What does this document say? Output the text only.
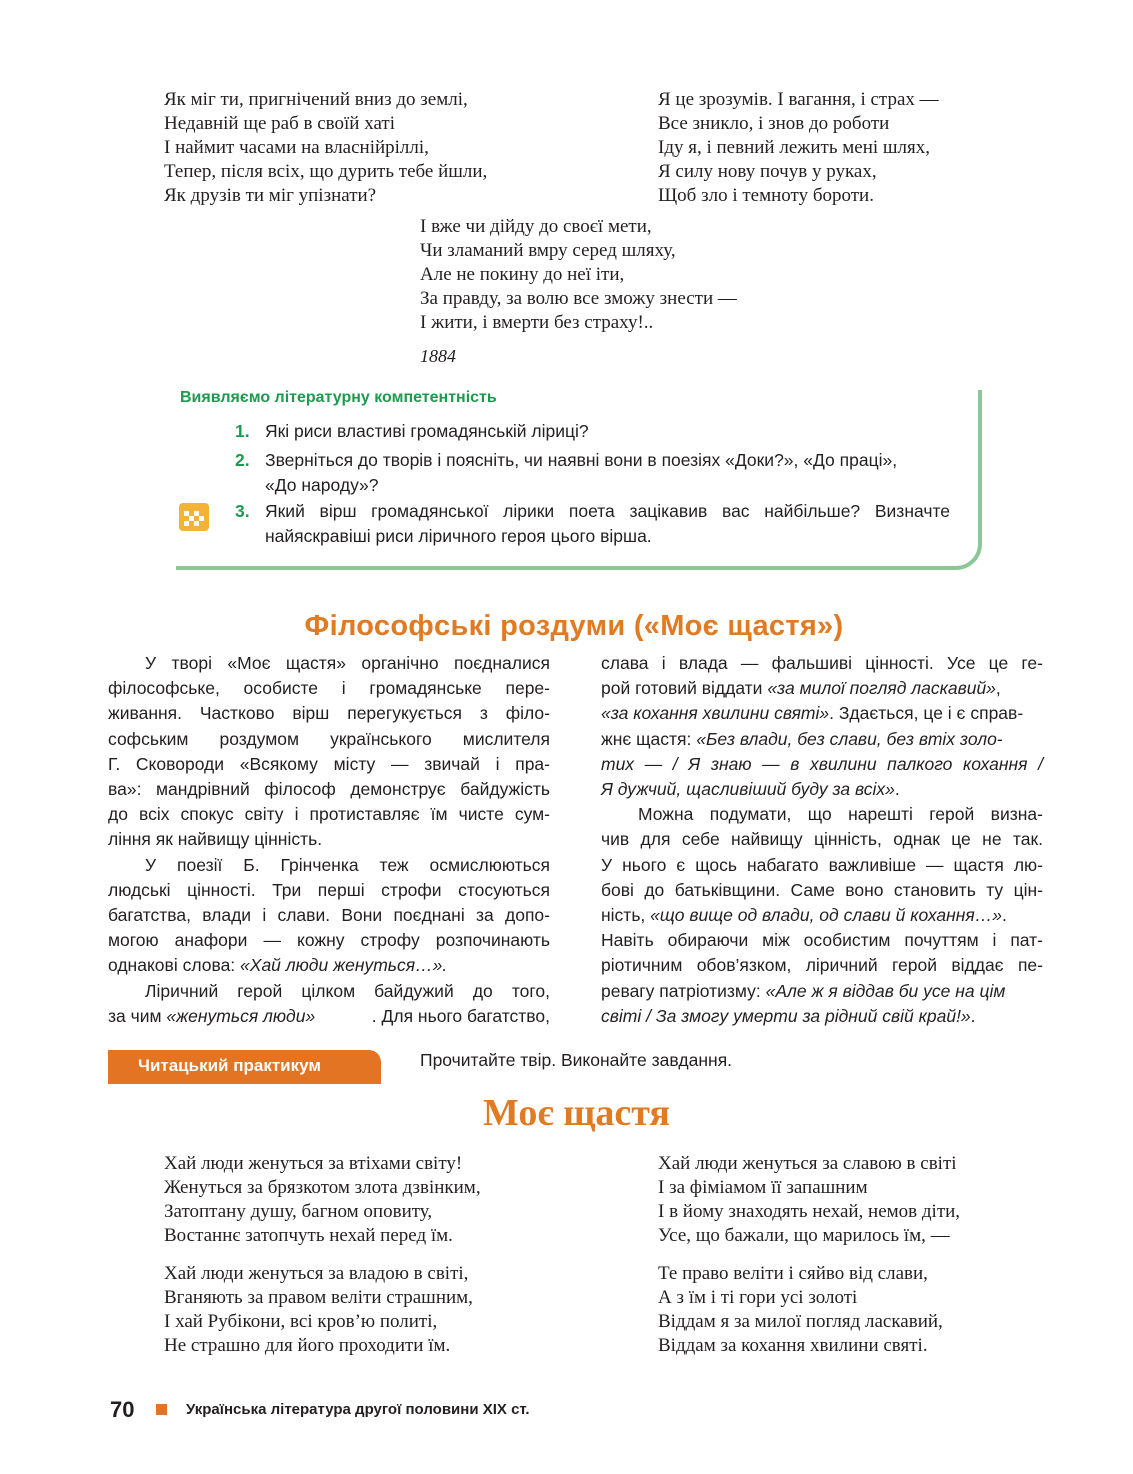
Як міг ти, пригнічений вниз до землі,
Недавній ще раб в своїй хаті
І наймит часами на власнійріллі,
Тепер, після всіх, що дурить тебе йшли,
Як друзів ти міг упізнати?
Я це зрозумів. І вагання, і страх —
Все зникло, і знов до роботи
Іду я, і певний лежить мені шлях,
Я силу нову почув у руках,
Щоб зло і темноту бороти.
І вже чи дійду до своєї мети,
Чи зламаний вмру серед шляху,
Але не покину до неї іти,
За правду, за волю все зможу знести —
І жити, і вмерти без страху!..
1884
Виявляємо літературну компетентність
1. Які риси властиві громадянській ліриці?
2. Зверніться до творів і поясніть, чи наявні вони в поезіях «Доки?», «До праці»,
«До народу»?
3. Який вірш громадянської лірики поета зацікавив вас найбільше? Визначте
найяскравіші риси ліричного героя цього вірша.
Філософські роздуми («Моє щастя»)
У творі «Моє щастя» органічно поєдналися
філософське, особисте і громадянське пере-
живання. Частково вірш перегукується з філо-
софським роздумом українського мислителя
Г. Сковороди «Всякому місту — звичай і пра-
ва»: мандрівний філософ демонструє байдужість
до всіх спокус світу і протиставляє їм чисте сум-
ління як найвищу цінність.
У поезії Б. Грінченка теж осмислюються
людські цінності. Три перші строфи стосуються
багатства, влади і слави. Вони поєднані за допо-
могою анафори — кожну строфу розпочинають
однакові слова: «Хай люди женуться…».
Ліричний герой цілком байдужий до того,
за чим «женуться люди»	. Для нього багатство,
слава і влада — фальшиві цінності. Усе це ге-
рой готовий віддати «за милої погляд ласкавий»,
«за кохання хвилини святі». Здається, це і є справ-
жнє щастя: «Без влади, без слави, без втіх золо-
тих — / Я знаю — в хвилини палкого кохання /
Я дужчий, щасливіший буду за всіх».
Можна подумати, що нарешті герой визна-
чив для себе найвищу цінність, однак це не так.
У нього є щось набагато важливіше — щастя лю-
бові до батьківщини. Саме воно становить ту цін-
ність, «що вище од влади, од слави й кохання…».
Навіть обираючи між особистим почуттям і пат-
ріотичним обов’язком, ліричний герой віддає пе-
ревагу патріотизму: «Але ж я віддав би усе на цім
світі / За змогу умерти за рідний свій край!».
Читацький практикум	Прочитайте твір. Виконайте завдання.
Моє щастя
Хай люди женуться за втіхами світу!
Женуться за брязкотом злота дзвінким,
Затоптану душу, багном оповиту,
Востаннє затопчуть нехай перед їм.
Хай люди женуться за владою в світі,
Вганяють за правом веліти страшним,
І хай Рубікони, всі кров’ю политі,
Не страшно для його проходити їм.
Хай люди женуться за славою в світі
І за фіміамом її запашним
І в йому знаходять нехай, немов діти,
Усе, що бажали, що марилось їм, —
Те право веліти і сяйво від слави,
А з їм і ті гори усі золоті
Віддам я за милої погляд ласкавий,
Віддам за кохання хвилини святі.
70	Українська література другої половини XIX ст.
